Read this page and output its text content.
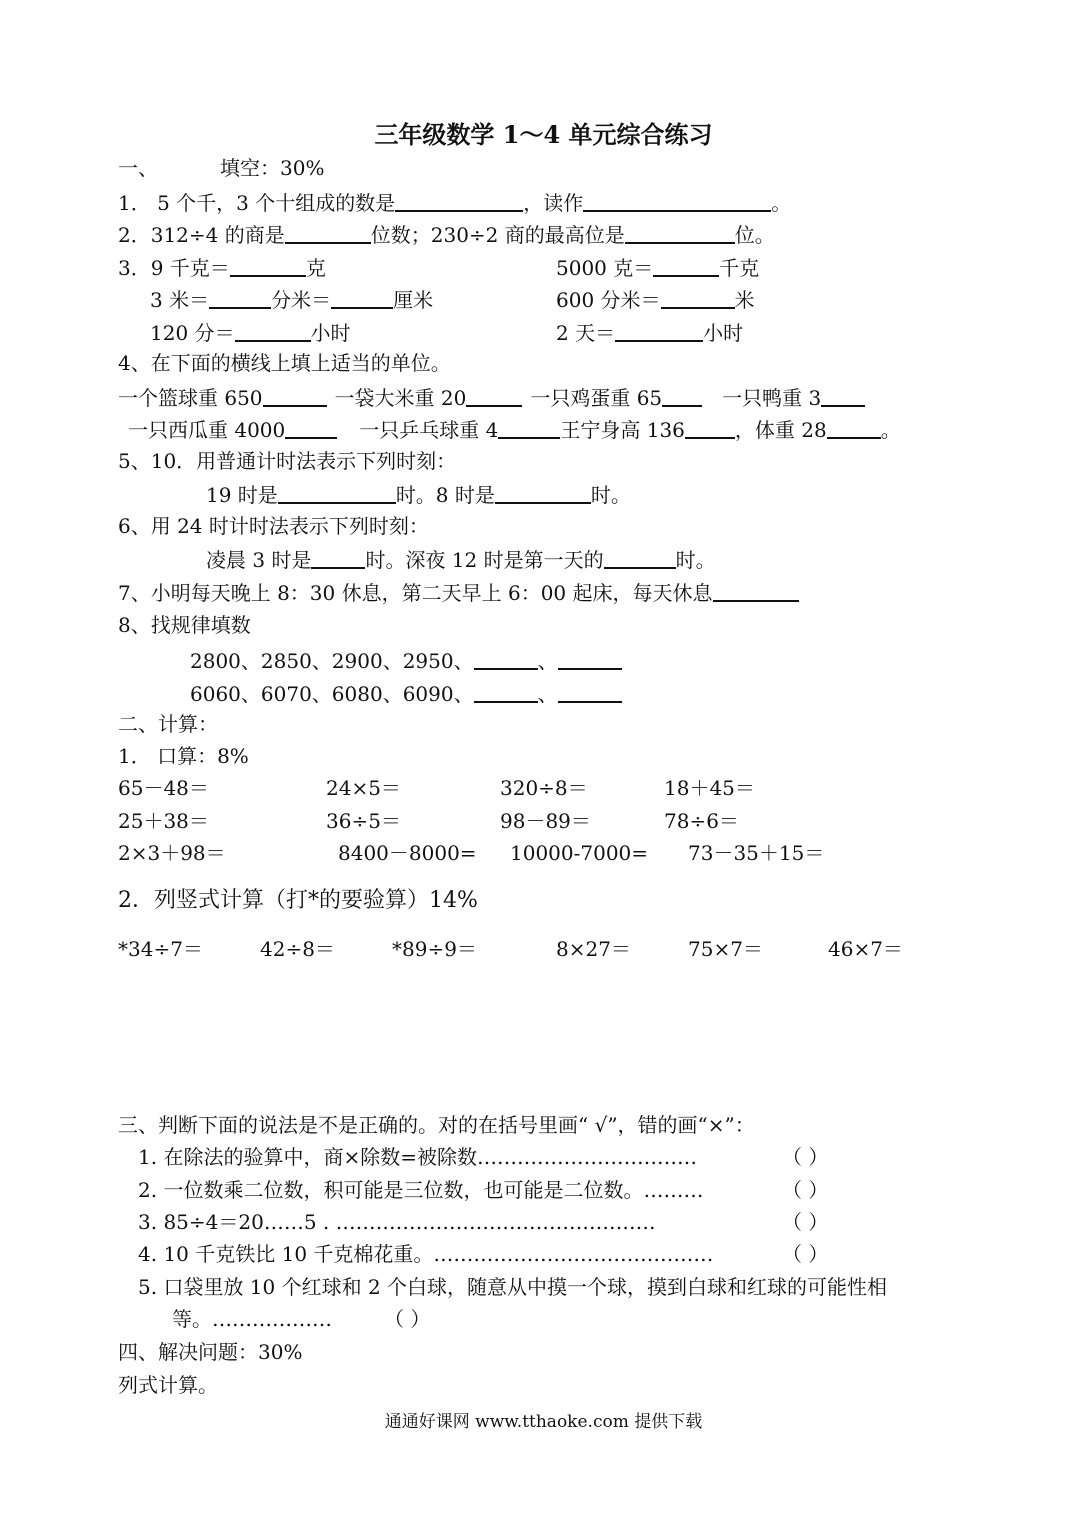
三年级数学 1～4 单元综合练习
一、	填空：30%
1． 5 个千，3 个十组成的数是	，读作	。
2．312÷4 的商是	位数；230÷2 商的最高位是	位。
3．9 千克＝	克	5000 克＝	千克
3 米＝	分米＝	厘米	600 分米＝	米
120 分＝	小时	2 天＝	小时
4、在下面的横线上填上适当的单位。
一个篮球重 650	一袋大米重 20	一只鸡蛋重 65	一只鸭重 3
一只西瓜重 4000	一只乒乓球重 4	王宁身高 136	，体重 28	。
5、10．用普通计时法表示下列时刻：
19 时是	时。8 时是	时。
6、用 24 时计时法表示下列时刻：
凌晨 3 时是	时。深夜 12 时是第一天的	时。
7、小明每天晚上 8：30 休息，第二天早上 6：00 起床，每天休息
8、找规律填数
2800、2850、2900、2950、	、
6060、6070、6080、6090、	、
二、计算：
1． 口算：8%
65－48＝	24×5＝	320÷8＝	18＋45＝
25＋38＝	36÷5＝	98－89＝	78÷6＝
2×3＋98＝	8400－8000= 10000-7000= 73－35＋15＝
2．列竖式计算（打*的要验算）14%
*34÷7＝	42÷8＝	*89÷9＝	8×27＝	75×7＝	46×7＝
三、判断下面的说法是不是正确的。对的在括号里画“ √”，错的画“×”：
1. 在除法的验算中，商×除数=被除数……………………………	（ ）
2. 一位数乘二位数，积可能是三位数，也可能是二位数。………	（ ）
3. 85÷4＝20……5 . …………………………………………	（ ）
4. 10 千克铁比 10 千克棉花重。……………………………………	（ ）
5. 口袋里放 10 个红球和 2 个白球，随意从中摸一个球，摸到白球和红球的可能性相
等。………………	（ ）
四、解决问题：30%
列式计算。
通通好课网 www.tthaoke.com 提供下载
